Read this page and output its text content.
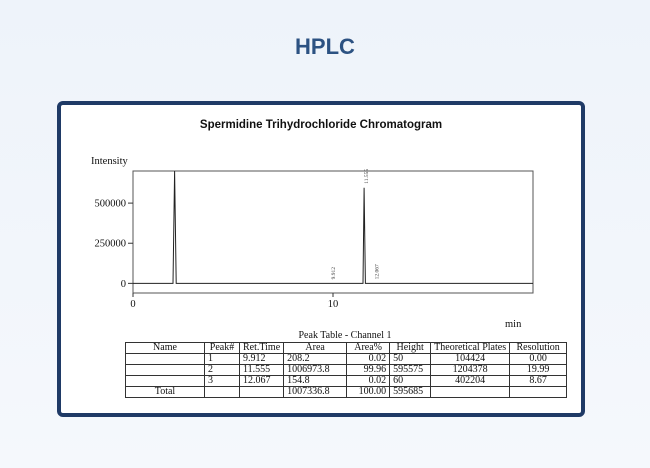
HPLC
Spermidine Trihydrochloride Chromatogram
Intensity
min
0
250000
500000
0	10
9.912
11.555
12.067
Peak Table - Channel 1
Name	Peak#	Ret.Time	Area	Area%	Height	Theoretical Plates	Resolution
	1	9.912	208.2	0.02	50	104424	0.00
	2	11.555	1006973.8	99.96	595575	1204378	19.99
	3	12.067	154.8	0.02	60	402204	8.67
Total			1007336.8	100.00	595685		
